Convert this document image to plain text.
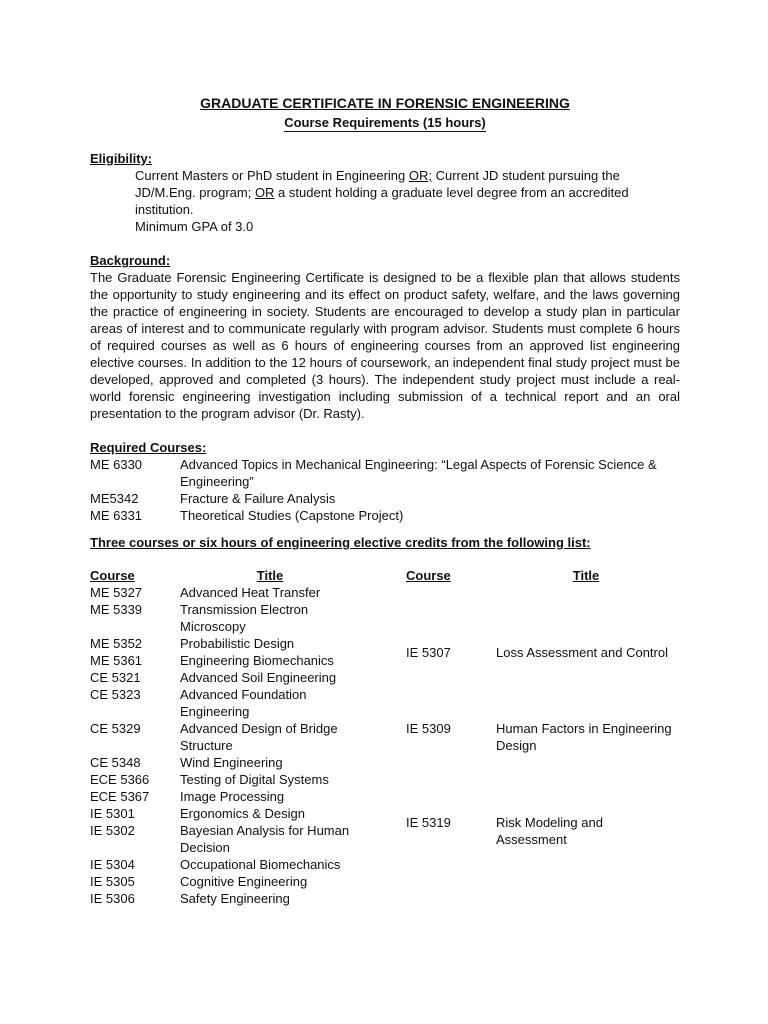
GRADUATE CERTIFICATE IN FORENSIC ENGINEERING

Course Requirements (15 hours)

Eligibility:

Current Masters or PhD student in Engineering OR; Current JD student pursuing the JD/M.Eng. program; OR a student holding a graduate level degree from an accredited institution.

Minimum GPA of 3.0

Background:

The Graduate Forensic Engineering Certificate is designed to be a flexible plan that allows students the opportunity to study engineering and its effect on product safety, welfare, and the laws governing the practice of engineering in society. Students are encouraged to develop a study plan in particular areas of interest and to communicate regularly with program advisor. Students must complete 6 hours of required courses as well as 6 hours of engineering courses from an approved list engineering elective courses. In addition to the 12 hours of coursework, an independent final study project must be developed, approved and completed (3 hours). The independent study project must include a real-world forensic engineering investigation including submission of a technical report and an oral presentation to the program advisor (Dr. Rasty).

Required Courses:

ME 6330	Advanced Topics in Mechanical Engineering: “Legal Aspects of Forensic Science & Engineering”
ME5342	Fracture & Failure Analysis
ME 6331	Theoretical Studies (Capstone Project)

Three courses or six hours of engineering elective credits from the following list:

Course	Title
ME 5327	Advanced Heat Transfer
ME 5339	Transmission Electron Microscopy
ME 5352	Probabilistic Design
ME 5361	Engineering Biomechanics
CE 5321	Advanced Soil Engineering
CE 5323	Advanced Foundation Engineering
CE 5329	Advanced Design of Bridge Structure
CE 5348	Wind Engineering
ECE 5366	Testing of Digital Systems
ECE 5367	Image Processing
IE 5301	Ergonomics & Design
IE 5302	Bayesian Analysis for Human Decision
IE 5304	Occupational Biomechanics
IE 5305	Cognitive Engineering
IE 5306	Safety Engineering
Course	Title
IE 5307	Loss Assessment and Control
IE 5309	Human Factors in Engineering Design
IE 5319	Risk Modeling and Assessment
